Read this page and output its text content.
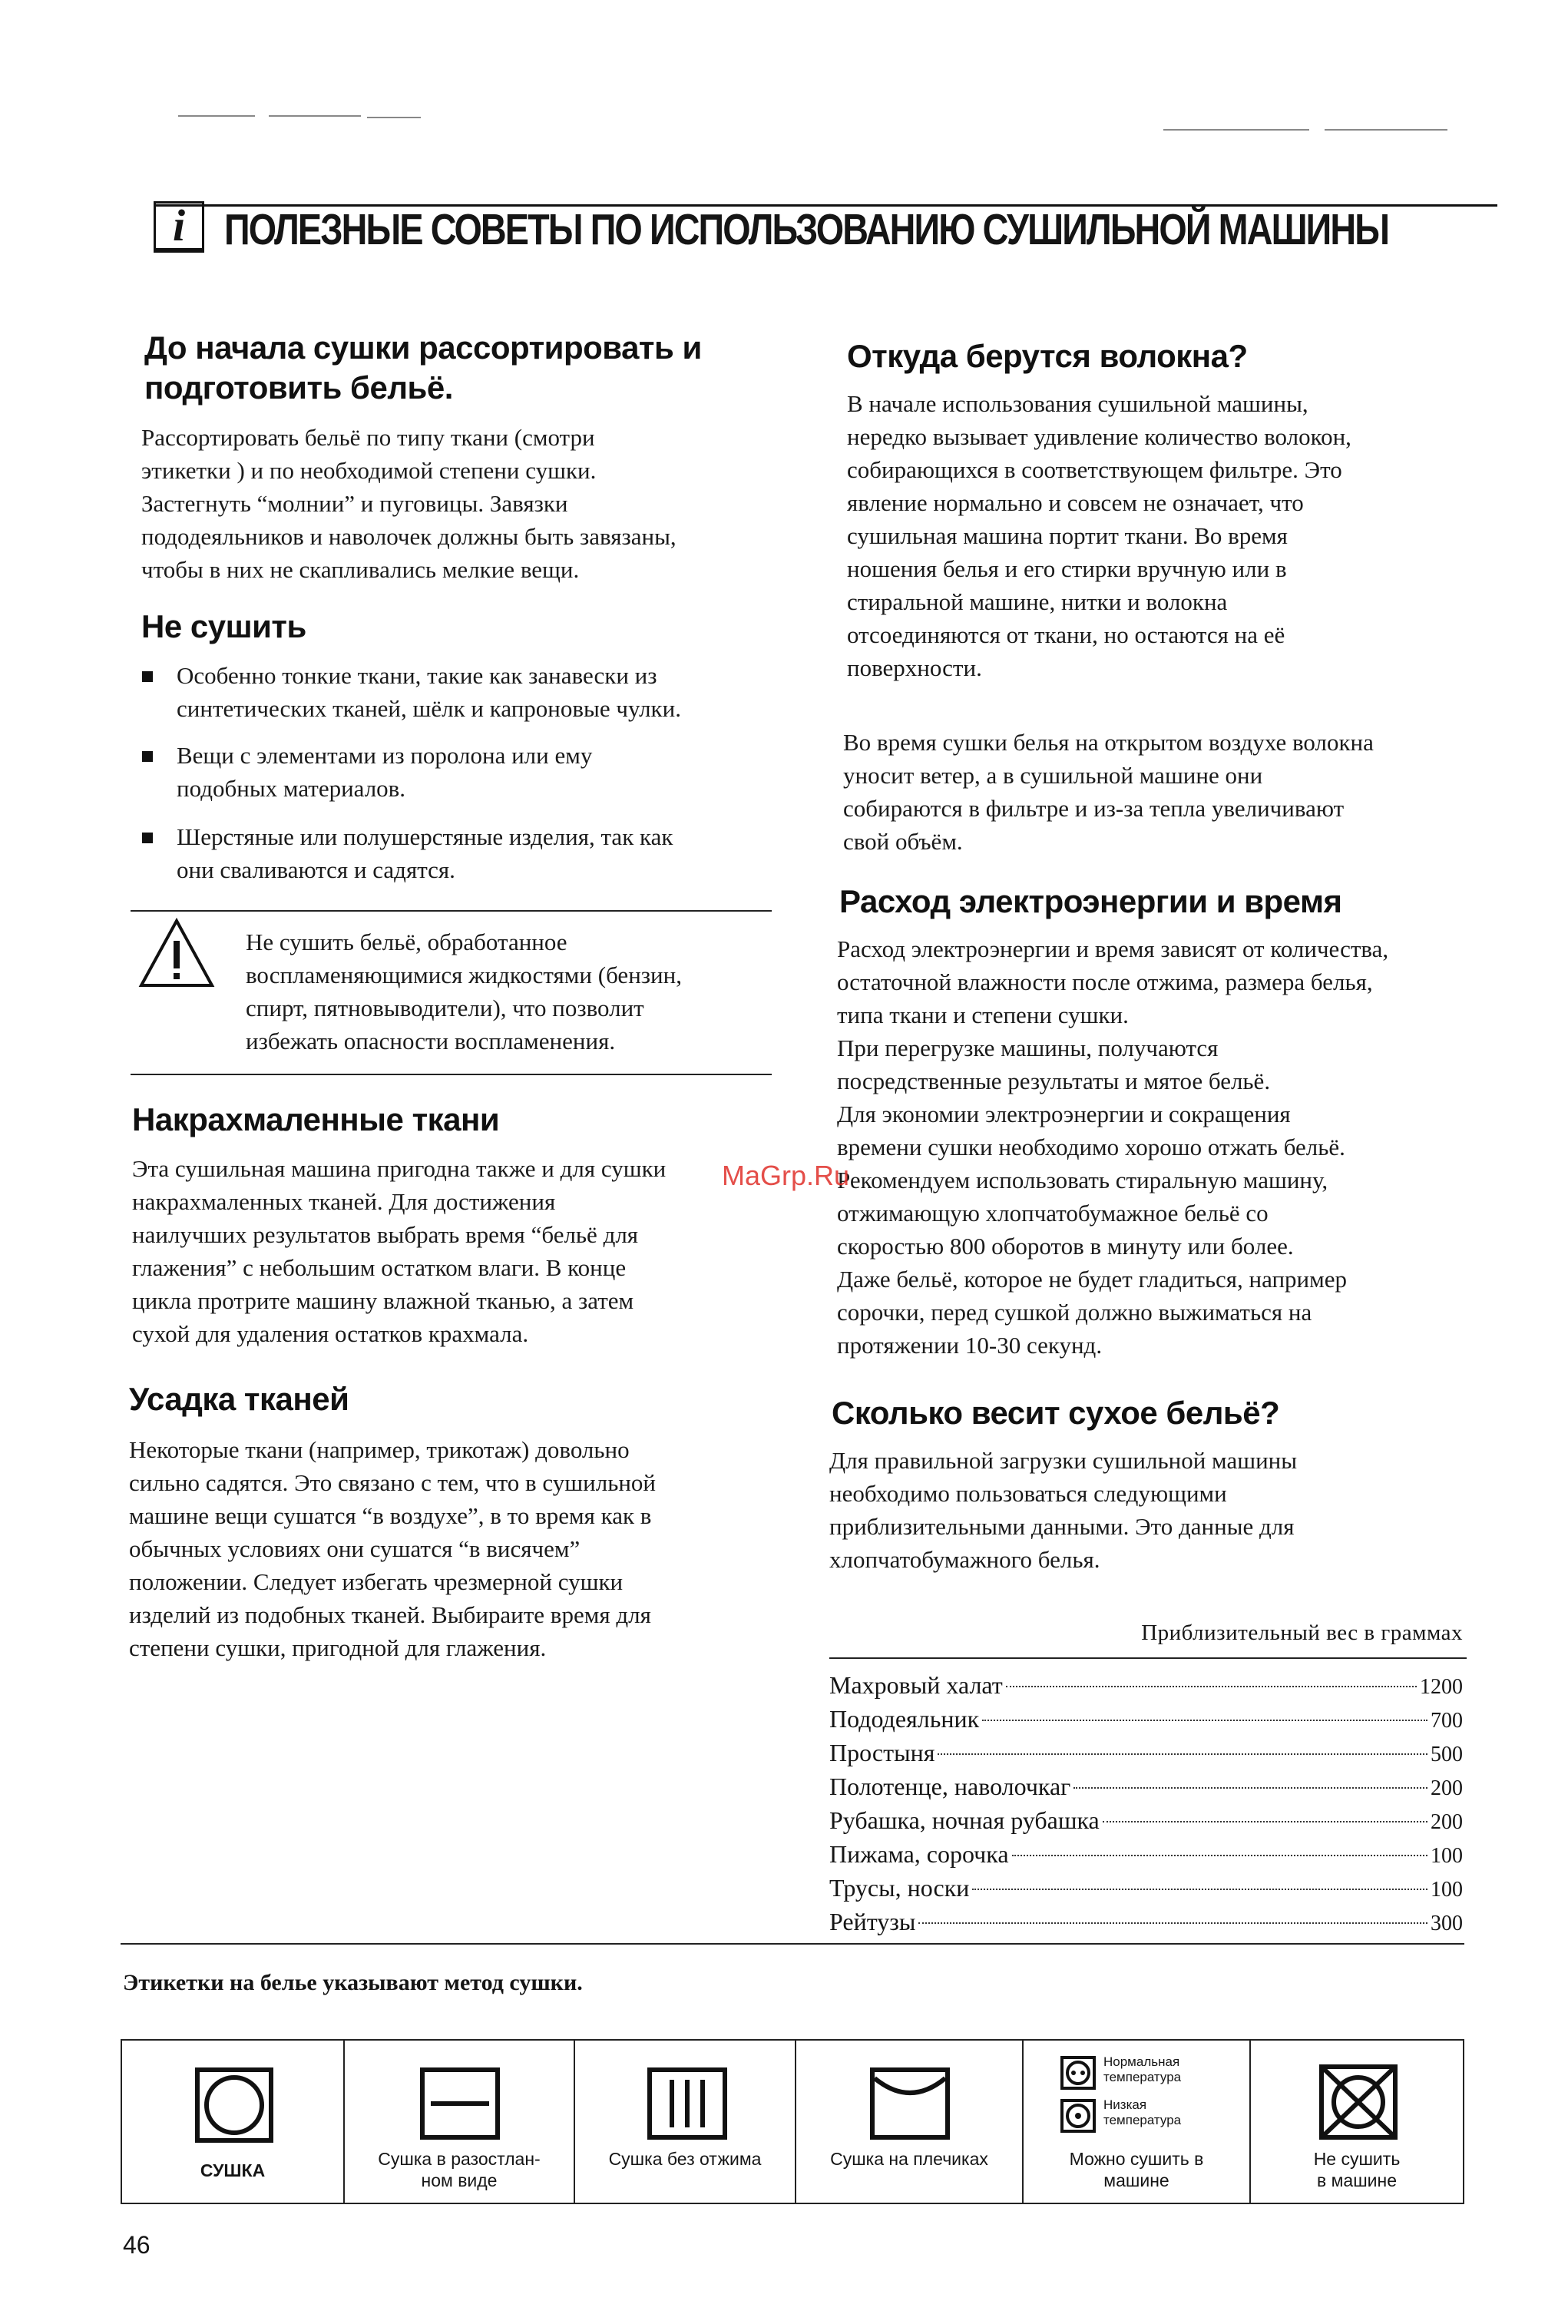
i ПОЛЕЗНЫЕ СОВЕТЫ ПО ИСПОЛЬЗОВАНИЮ СУШИЛЬНОЙ МАШИНЫ
До начала сушки рассортировать и
подготовить бельё.
Рассортировать бельё по типу ткани (смотри
этикетки ) и по необходимой степени сушки.
Застегнуть “молнии” и пуговицы. Завязки
пододеяльников и наволочек должны быть завязаны,
чтобы в них не скапливались мелкие вещи.
Не сушить
Особенно тонкие ткани, такие как занавески из
синтетических тканей, шёлк и капроновые чулки.
Вещи с элементами из поролона или ему
подобных материалов.
Шерстяные или полушерстяные изделия, так как
они сваливаются и садятся.
Не сушить бельё, обработанное
воспламеняющимися жидкостями (бензин,
спирт, пятновыводители), что позволит
избежать опасности воспламенения.
Накрахмаленные ткани
Эта сушильная машина пригодна также и для сушки
накрахмаленных тканей. Для достижения
наилучших результатов выбрать время “бельё для
глажения” с небольшим остатком влаги. В конце
цикла протрите машину влажной тканью, а затем
сухой для удаления остатков крахмала.
Усадка тканей
Некоторые ткани (например, трикотаж) довольно
сильно садятся. Это связано с тем, что в сушильной
машине вещи сушатся “в воздухе”, в то время как в
обычных условиях они сушатся “в висячем”
положении. Следует избегать чрезмерной сушки
изделий из подобных тканей. Выбираите время для
степени сушки, пригодной для глажения.
Откуда берутся волокна?
В начале использования сушильной машины,
нередко вызывает удивление количество волокон,
собирающихся в соответствующем фильтре. Это
явление нормально и совсем не означает, что
сушильная машина портит ткани. Во время
ношения белья и его стирки вручную или в
стиральной машине, нитки и волокна
отсоединяются от ткани, но остаются на её
поверхности.
Во время сушки белья на открытом воздухе волокна
уносит ветер, а в сушильной машине они
собираются в фильтре и из-за тепла увеличивают
свой объём.
Расход электроэнергии и время
Расход электроэнергии и время зависят от количества,
остаточной влажности после отжима, размера белья,
типа ткани и степени сушки.
При перегрузке машины, получаются
посредственные результаты и мятое бельё.
Для экономии электроэнергии и сокращения
времени сушки необходимо хорошо отжать бельё.
Рекомендуем использовать стиральную машину,
отжимающую хлопчатобумажное бельё со
скоростью 800 оборотов в минуту или более.
Даже бельё, которое не будет гладиться, например
сорочки, перед сушкой должно выжиматься на
протяжении 10-30 секунд.
Сколько весит сухое бельё?
Для правильной загрузки сушильной машины
необходимо пользоваться следующими
приблизительными данными. Это данные для
хлопчатобумажного белья.
Приблизительный вес в граммах
Махровый халат	1200
Пододеяльник	700
Простыня	500
Полотенце, наволочкаг	200
Рубашка, ночная рубашка	200
Пижама, сорочка	100
Трусы, носки	100
Рейтузы	300
Этикетки на белье указывают метод сушки.
СУШКА
Сушка в разостлан-
ном виде
Сушка без отжима	Сушка на плечиках
Нормальная
температура
Низкая
температура
Можно сушить в
машине
Не сушить
в машине
46
MaGrp.Ru
